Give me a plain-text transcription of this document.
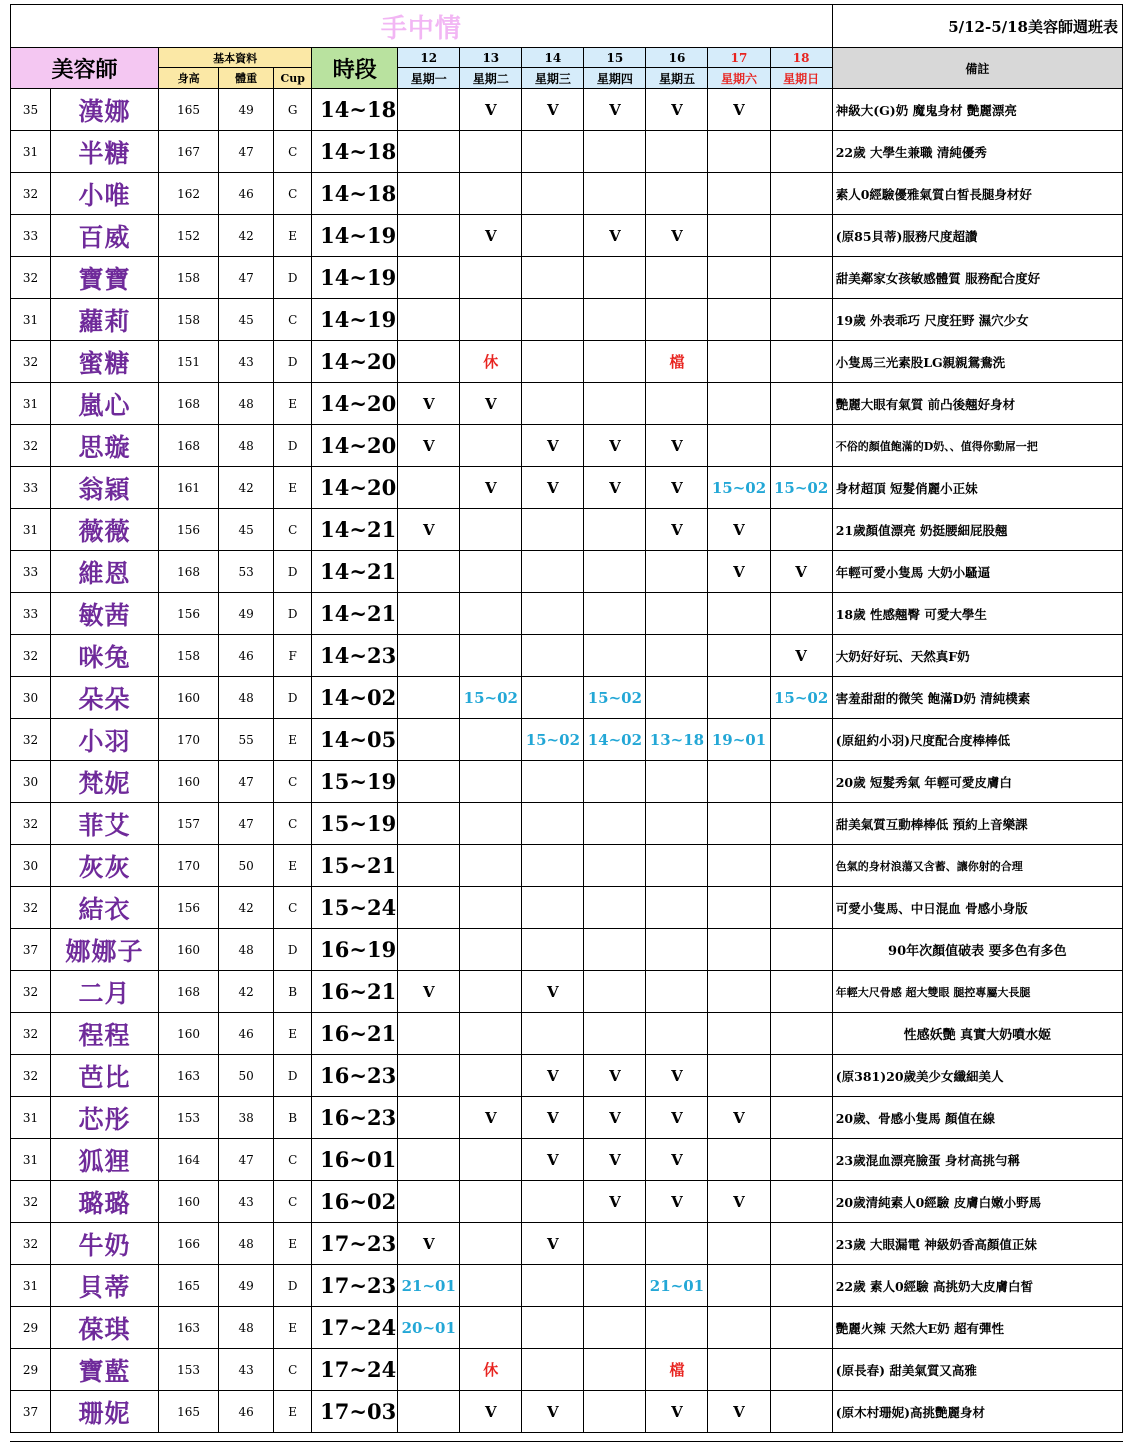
手中情													5/12-5/18美容師週班表
美容師		基本資料			時段	12	13	14	15	16	17	18	備註
		身高	體重	Cup		星期一	星期二	星期三	星期四	星期五	星期六	星期日	
35	漢娜	165	49	G	14~18		V	V	V	V	V		神級大(G)奶 魔鬼身材 艷麗漂亮
31	半糖	167	47	C	14~18								22歲 大學生兼職 清純優秀
32	小唯	162	46	C	14~18								素人0經驗優雅氣質白皙長腿身材好
33	百威	152	42	E	14~19		V		V	V			(原85貝蒂)服務尺度超讚
32	寶寶	158	47	D	14~19								甜美鄰家女孩敏感體質 服務配合度好
31	蘿莉	158	45	C	14~19								19歲 外表乖巧 尺度狂野 濕穴少女
32	蜜糖	151	43	D	14~20		休			檔			小隻馬三光素股LG親親鴛鴦洗
31	嵐心	168	48	E	14~20	V	V						艷麗大眼有氣質 前凸後翹好身材
32	思璇	168	48	D	14~20	V		V	V	V			不俗的顏值飽滿的D奶、、值得你動屌一把
33	翁穎	161	42	E	14~20		V	V	V	V	15~02	15~02	身材超頂 短髮俏麗小正妹
31	薇薇	156	45	C	14~21	V				V	V		21歲顏值漂亮 奶挺腰細屁股翹
33	維恩	168	53	D	14~21						V	V	年輕可愛小隻馬 大奶小騷逼
33	敏茜	156	49	D	14~21								18歲 性感翹臀 可愛大學生
32	咪兔	158	46	F	14~23							V	大奶好好玩、天然真F奶
30	朵朵	160	48	D	14~02		15~02		15~02			15~02	害羞甜甜的微笑 飽滿D奶 清純樸素
32	小羽	170	55	E	14~05			15~02	14~02	13~18	19~01		(原紐約小羽)尺度配合度棒棒低
30	梵妮	160	47	C	15~19								20歲 短髮秀氣 年輕可愛皮膚白
32	菲艾	157	47	C	15~19								甜美氣質互動棒棒低 預約上音樂課
30	灰灰	170	50	E	15~21								色氣的身材浪蕩又含蓄、讓你射的合理
32	結衣	156	42	C	15~24								可愛小隻馬、中日混血 骨感小身版
37	娜娜子	160	48	D	16~19								90年次顏值破表 要多色有多色
32	二月	168	42	B	16~21	V		V					年輕大尺骨感 超大雙眼 腿控專屬大長腿
32	程程	160	46	E	16~21								性感妖艷 真實大奶噴水姬
32	芭比	163	50	D	16~23			V	V	V			(原381)20歲美少女纖細美人
31	芯彤	153	38	B	16~23		V	V	V	V	V		20歲、骨感小隻馬 顏值在線
31	狐狸	164	47	C	16~01			V	V	V			23歲混血漂亮臉蛋 身材高挑勻稱
32	璐璐	160	43	C	16~02				V	V	V		20歲清純素人0經驗 皮膚白嫩小野馬
32	牛奶	166	48	E	17~23	V		V					23歲 大眼漏電 神級奶香高顏值正妹
31	貝蒂	165	49	D	17~23	21~01				21~01			22歲 素人0經驗 高挑奶大皮膚白皙
29	葆琪	163	48	E	17~24	20~01							艷麗火辣 天然大E奶 超有彈性
29	寶藍	153	43	C	17~24		休			檔			(原長春) 甜美氣質又高雅
37	珊妮	165	46	E	17~03		V	V		V	V		(原木村珊妮)高挑艷麗身材
